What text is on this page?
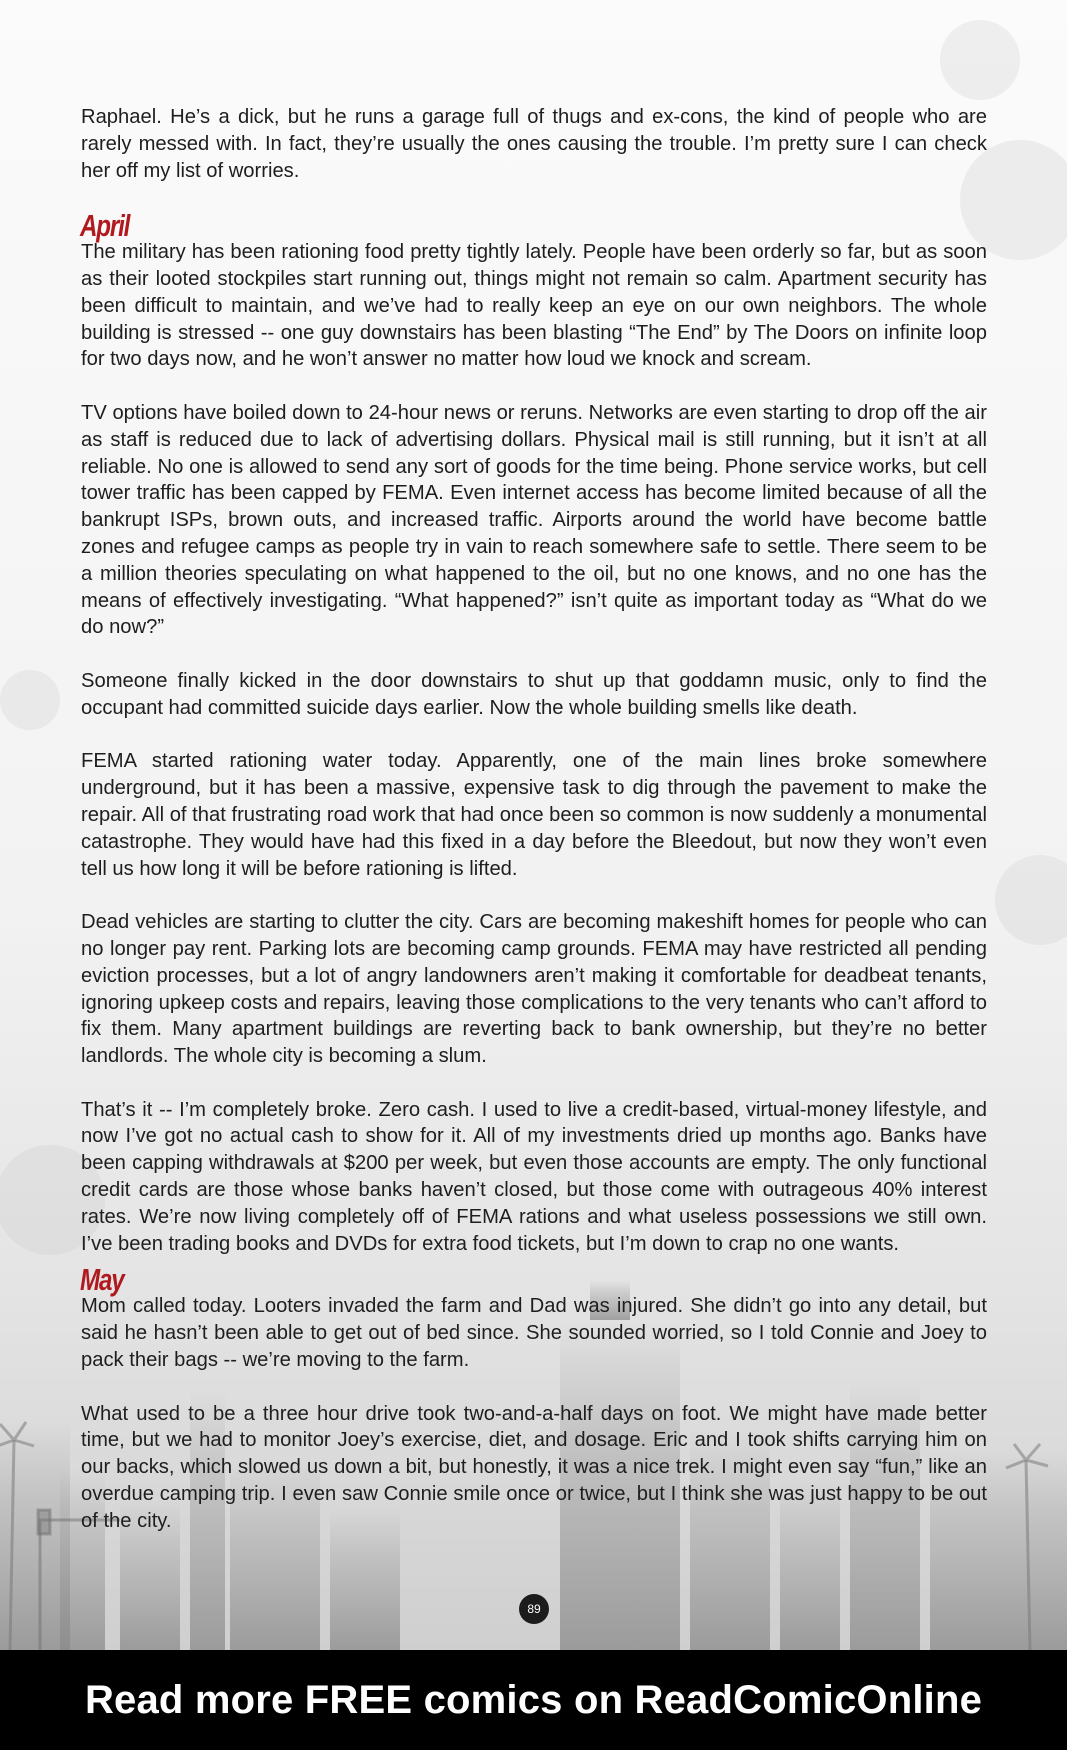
Raphael. He’s a dick, but he runs a garage full of thugs and ex-cons, the kind of people who are rarely messed with. In fact, they’re usually the ones causing the trouble. I’m pretty sure I can check her off my list of worries.

April

The military has been rationing food pretty tightly lately. People have been orderly so far, but as soon as their looted stockpiles start running out, things might not remain so calm. Apartment security has been difficult to maintain, and we’ve had to really keep an eye on our own neighbors. The whole building is stressed -- one guy downstairs has been blasting “The End” by The Doors on infinite loop for two days now, and he won’t answer no matter how loud we knock and scream.

TV options have boiled down to 24-hour news or reruns. Networks are even starting to drop off the air as staff is reduced due to lack of advertising dollars. Physical mail is still running, but it isn’t at all reliable. No one is allowed to send any sort of goods for the time being. Phone service works, but cell tower traffic has been capped by FEMA. Even internet access has become limited because of all the bankrupt ISPs, brown outs, and increased traffic. Airports around the world have become battle zones and refugee camps as people try in vain to reach somewhere safe to settle. There seem to be a million theories speculating on what happened to the oil, but no one knows, and no one has the means of effectively investigating. “What happened?” isn’t quite as important today as “What do we do now?”

Someone finally kicked in the door downstairs to shut up that goddamn music, only to find the occupant had committed suicide days earlier. Now the whole building smells like death.

FEMA started rationing water today. Apparently, one of the main lines broke somewhere underground, but it has been a massive, expensive task to dig through the pavement to make the repair. All of that frustrating road work that had once been so common is now suddenly a monumental catastrophe. They would have had this fixed in a day before the Bleedout, but now they won’t even tell us how long it will be before rationing is lifted.

Dead vehicles are starting to clutter the city. Cars are becoming makeshift homes for people who can no longer pay rent. Parking lots are becoming camp grounds. FEMA may have restricted all pending eviction processes, but a lot of angry landowners aren’t making it comfortable for deadbeat tenants, ignoring upkeep costs and repairs, leaving those complications to the very tenants who can’t afford to fix them. Many apartment buildings are reverting back to bank ownership, but they’re no better landlords. The whole city is becoming a slum.

That’s it -- I’m completely broke. Zero cash. I used to live a credit-based, virtual-money lifestyle, and now I’ve got no actual cash to show for it. All of my investments dried up months ago. Banks have been capping withdrawals at $200 per week, but even those accounts are empty. The only functional credit cards are those whose banks haven’t closed, but those come with outrageous 40% interest rates. We’re now living completely off of FEMA rations and what useless possessions we still own. I’ve been trading books and DVDs for extra food tickets, but I’m down to crap no one wants.

May

Mom called today. Looters invaded the farm and Dad was injured. She didn’t go into any detail, but said he hasn’t been able to get out of bed since. She sounded worried, so I told Connie and Joey to pack their bags -- we’re moving to the farm.

What used to be a three hour drive took two-and-a-half days on foot. We might have made better time, but we had to monitor Joey’s exercise, diet, and dosage. Eric and I took shifts carrying him on our backs, which slowed us down a bit, but honestly, it was a nice trek. I might even say “fun,” like an overdue camping trip. I even saw Connie smile once or twice, but I think she was just happy to be out of the city.

89
Read more FREE comics on ReadComicOnline
